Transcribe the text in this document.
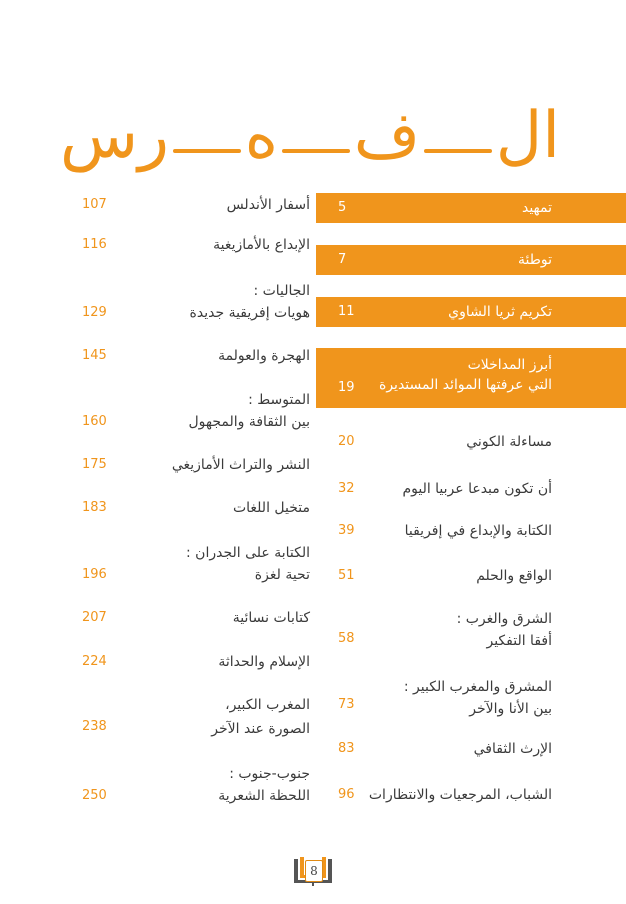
ا
ل
ف
ه
ر
س
تمهيد
5
توطئة
7
تكريم ثريا الشاوي
11
أبرز المداخلات
التي عرفتها الموائد المستديرة
19
مساءلة الكوني
20
أن تكون مبدعا عربيا اليوم
32
الكتابة والإبداع في إفريقيا
39
الواقع والحلم
51
الشرق والغرب :
أفقا التفكير
58
المشرق والمغرب الكبير :
بين الأنا والآخر
73
الإرث الثقافي
83
الشباب، المرجعيات والانتظارات
96
أسفار الأندلس
107
الإبداع بالأمازيغية
116
الجاليات :
هويات إفريقية جديدة
129
الهجرة والعولمة
145
المتوسط :
بين الثقافة والمجهول
160
النشر والتراث الأمازيغي
175
متخيل اللغات
183
الكتابة على الجدران :
تحية لغزة
196
كتابات نسائية
207
الإسلام والحداثة
224
المغرب الكبير،
الصورة عند الآخر
238
جنوب-جنوب :
اللحظة الشعرية
250
8
